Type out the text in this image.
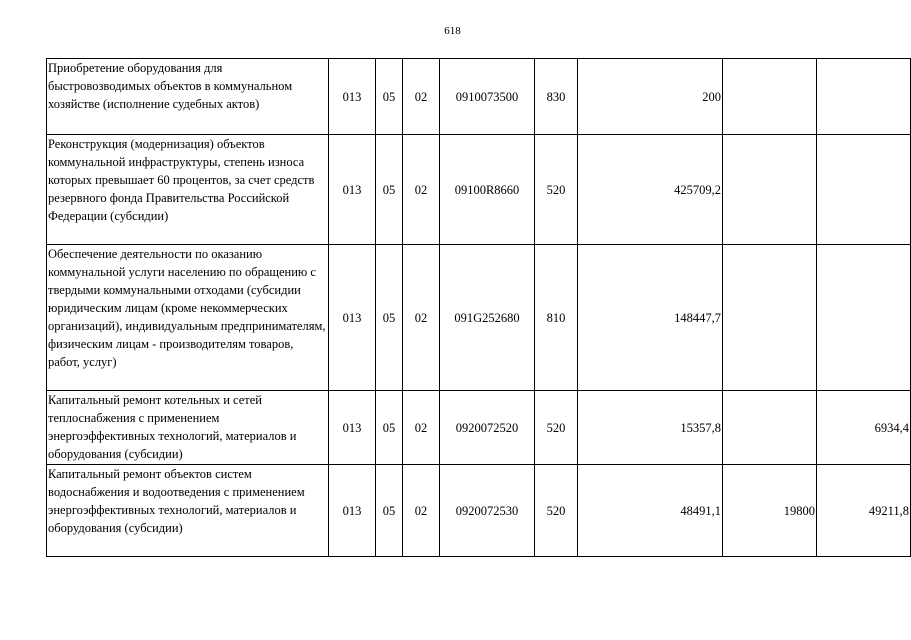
618
Приобретение оборудования для быстровозводимых объектов в коммунальном хозяйстве (исполнение судебных актов)	013	05	02	0910073500	830	200		
Реконструкция (модернизация) объектов коммунальной инфраструктуры, степень износа которых превышает 60 процентов, за счет средств резервного фонда Правительства Российской Федерации (субсидии)	013	05	02	09100R8660	520	425709,2		
Обеспечение деятельности по оказанию коммунальной услуги населению по обращению с твердыми коммунальными отходами (субсидии юридическим лицам (кроме некоммерческих организаций), индивидуальным предпринимателям, физическим лицам - производителям товаров, работ, услуг)	013	05	02	091G252680	810	148447,7		
Капитальный ремонт котельных и сетей теплоснабжения с применением энергоэффективных технологий, материалов и оборудования (субсидии)	013	05	02	0920072520	520	15357,8		6934,4
Капитальный ремонт объектов систем водоснабжения и водоотведения с применением энергоэффективных технологий, материалов и оборудования (субсидии)	013	05	02	0920072530	520	48491,1	19800	49211,8
